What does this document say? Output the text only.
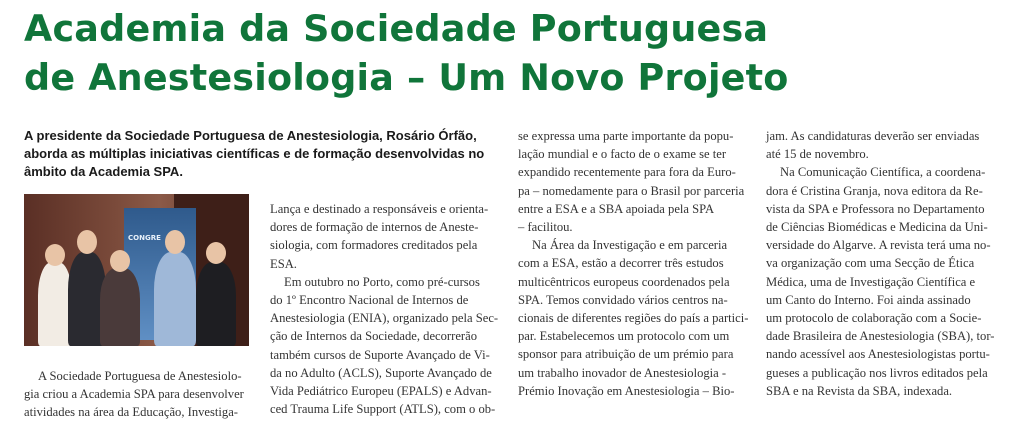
Academia da Sociedade Portuguesa
de Anestesiologia – Um Novo Projeto
A presidente da Sociedade Portuguesa de Anestesiologia, Rosário Órfão,
aborda as múltiplas iniciativas científicas e de formação desenvolvidas no
âmbito da Academia SPA.
CONGRE
A Sociedade Portuguesa de Anestesiolo-
gia criou a Academia SPA para desenvolver
atividades na área da Educação, Investiga-
Lança e destinado a responsáveis e orienta-
dores de formação de internos de Aneste-
siologia, com formadores creditados pela
ESA.
Em outubro no Porto, como pré-cursos
do 1º Encontro Nacional de Internos de
Anestesiologia (ENIA), organizado pela Sec-
ção de Internos da Sociedade, decorrerão
também cursos de Suporte Avançado de Vi-
da no Adulto (ACLS), Suporte Avançado de
Vida Pediátrico Europeu (EPALS) e Advan-
ced Trauma Life Support (ATLS), com o ob-
se expressa uma parte importante da popu-
lação mundial e o facto de o exame se ter
expandido recentemente para fora da Euro-
pa – nomedamente para o Brasil por parceria
entre a ESA e a SBA apoiada pela SPA
– facilitou.
Na Área da Investigação e em parceria
com a ESA, estão a decorrer três estudos
multicêntricos europeus coordenados pela
SPA. Temos convidado vários centros na-
cionais de diferentes regiões do país a partici-
par. Estabelecemos um protocolo com um
sponsor para atribuição de um prémio para
um trabalho inovador de Anestesiologia -
Prémio Inovação em Anestesiologia – Bio-
jam. As candidaturas deverão ser enviadas
até 15 de novembro.
Na Comunicação Científica, a coordena-
dora é Cristina Granja, nova editora da Re-
vista da SPA e Professora no Departamento
de Ciências Biomédicas e Medicina da Uni-
versidade do Algarve. A revista terá uma no-
va organização com uma Secção de Ética
Médica, uma de Investigação Científica e
um Canto do Interno. Foi ainda assinado
um protocolo de colaboração com a Socie-
dade Brasileira de Anestesiologia (SBA), tor-
nando acessível aos Anestesiologistas portu-
gueses a publicação nos livros editados pela
SBA e na Revista da SBA, indexada.
